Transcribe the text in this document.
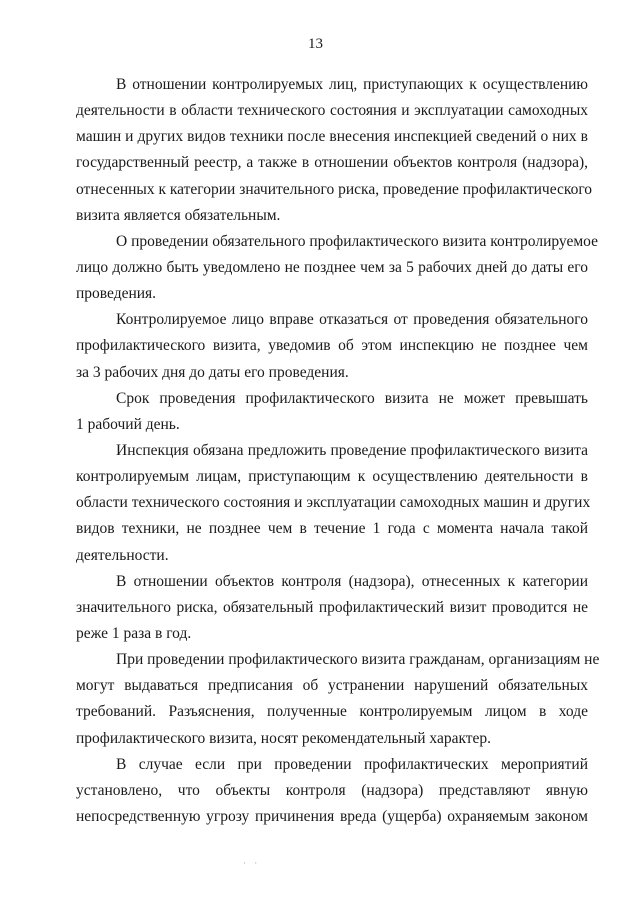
13
В отношении контролируемых лиц, приступающих к осуществлению
деятельности в области технического состояния и эксплуатации самоходных
машин и других видов техники после внесения инспекцией сведений о них в
государственный реестр, а также в отношении объектов контроля (надзора),
отнесенных к категории значительного риска, проведение профилактического
визита является обязательным.
О проведении обязательного профилактического визита контролируемое
лицо должно быть уведомлено не позднее чем за 5 рабочих дней до даты его
проведения.
Контролируемое лицо вправе отказаться от проведения обязательного
профилактического визита, уведомив об этом инспекцию не позднее чем
за 3 рабочих дня до даты его проведения.
Срок проведения профилактического визита не может превышать
1 рабочий день.
Инспекция обязана предложить проведение профилактического визита
контролируемым лицам, приступающим к осуществлению деятельности в
области технического состояния и эксплуатации самоходных машин и других
видов техники, не позднее чем в течение 1 года с момента начала такой
деятельности.
В отношении объектов контроля (надзора), отнесенных к категории
значительного риска, обязательный профилактический визит проводится не
реже 1 раза в год.
При проведении профилактического визита гражданам, организациям не
могут выдаваться предписания об устранении нарушений обязательных
требований. Разъяснения, полученные контролируемым лицом в ходе
профилактического визита, носят рекомендательный характер.
В случае если при проведении профилактических мероприятий
установлено, что объекты контроля (надзора) представляют явную
непосредственную угрозу причинения вреда (ущерба) охраняемым законом
· ·
